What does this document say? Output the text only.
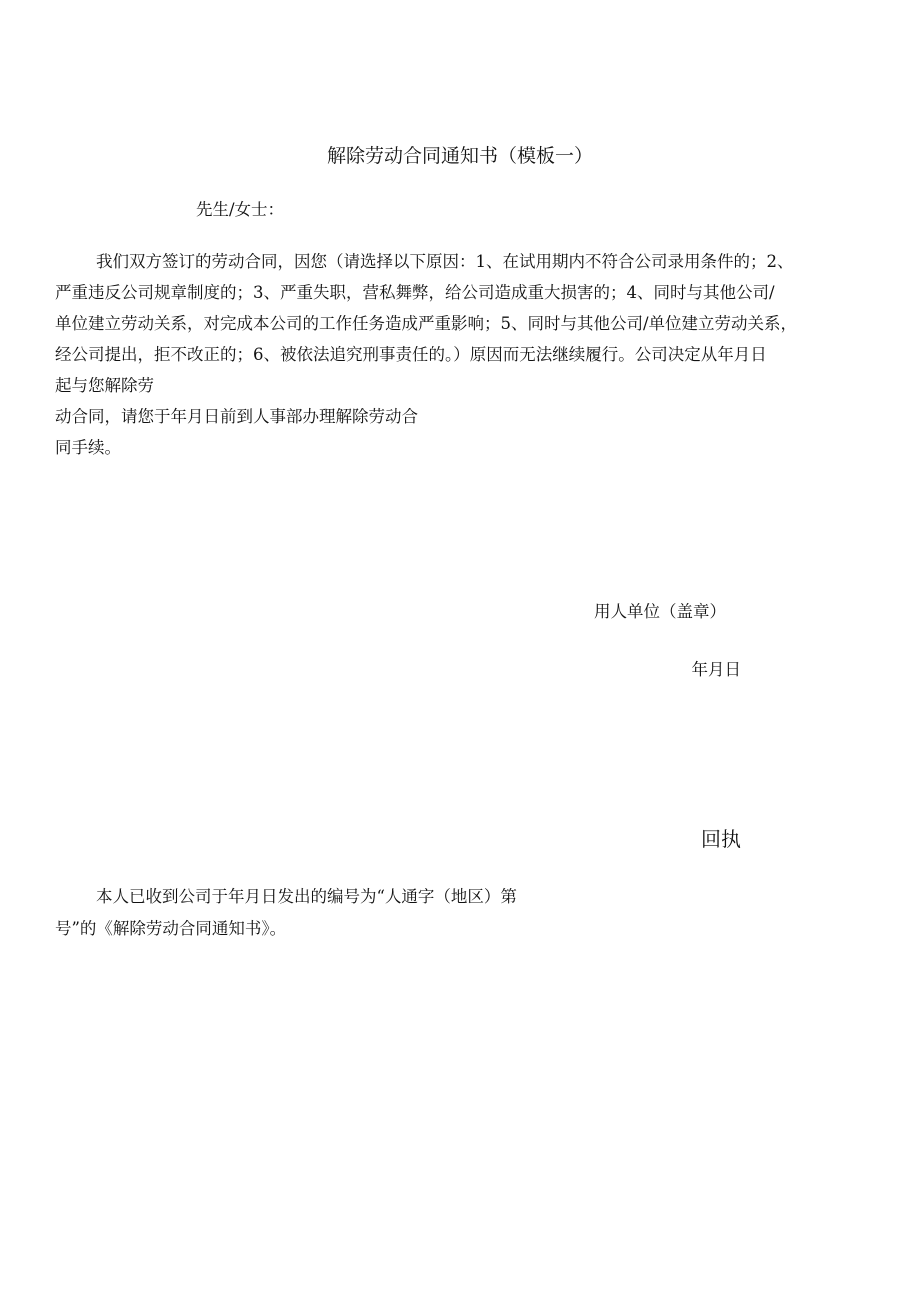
解除劳动合同通知书（模板一）

先生/女士：

我们双方签订的劳动合同，因您（请选择以下原因：1、在试用期内不符合公司录用条件的；2、

严重违反公司规章制度的；3、严重失职，营私舞弊，给公司造成重大损害的；4、同时与其他公司/

单位建立劳动关系，对完成本公司的工作任务造成严重影响；5、同时与其他公司/单位建立劳动关系，

经公司提出，拒不改正的；6、被依法追究刑事责任的。）原因而无法继续履行。公司决定从年月日

起与您解除劳

动合同，请您于年月日前到人事部办理解除劳动合

同手续。

用人单位（盖章）

年月日

回执

本人已收到公司于年月日发出的编号为“人通字（地区）第

号”的《解除劳动合同通知书》。
